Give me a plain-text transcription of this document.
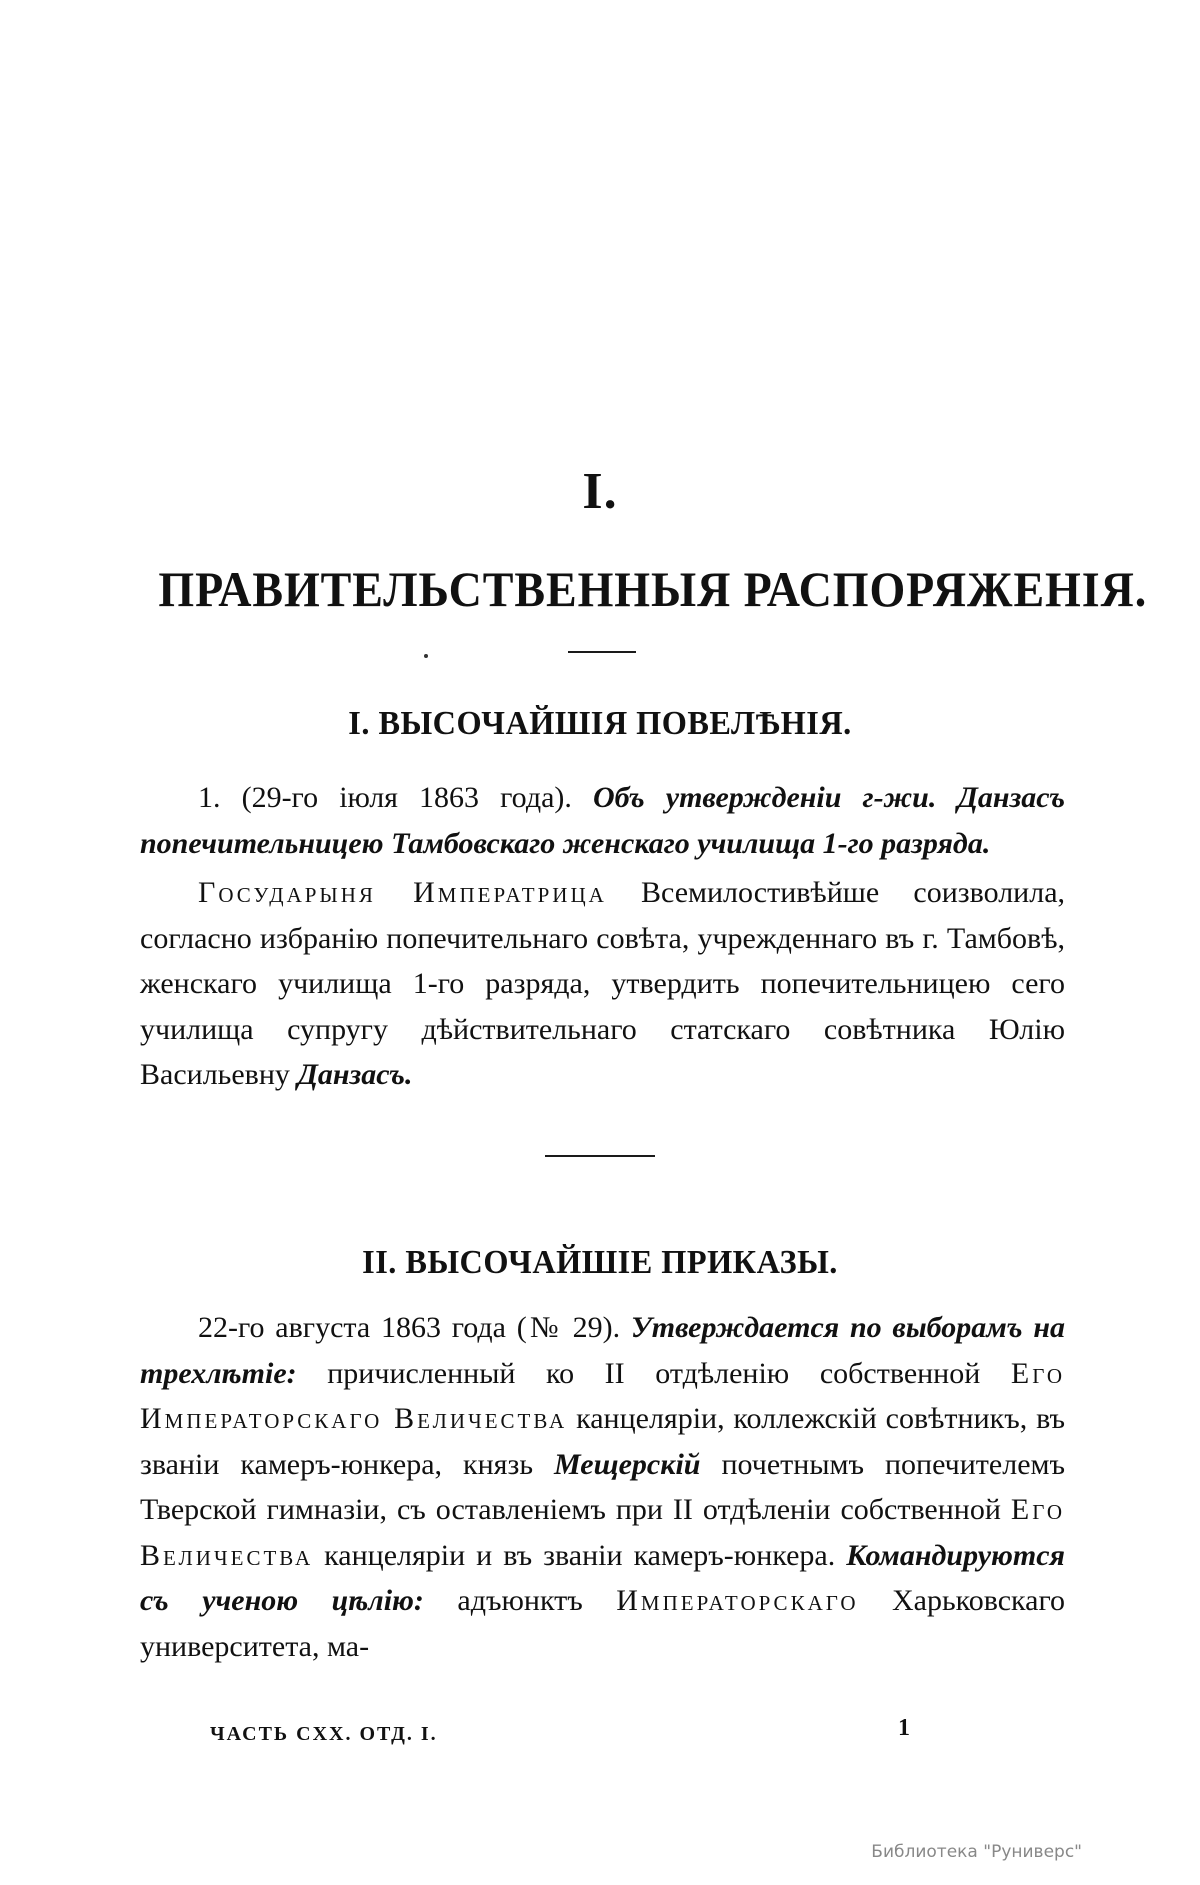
I.
ПРАВИТЕЛЬСТВЕННЫЯ РАСПОРЯЖЕНІЯ.
I. ВЫСОЧАЙШІЯ ПОВЕЛѢНІЯ.
1. (29-го іюля 1863 года). Объ утвержденіи г-жи. Данзасъ попечительницею Тамбовскаго женскаго училища 1-го разряда.
Государыня Императрица Всемилостивѣйше соизволила, согласно избранію попечительнаго совѣта, учрежденнаго въ г. Тамбовѣ, женскаго училища 1-го разряда, утвердить попечительницею сего училища супругу дѣйствительнаго статскаго совѣтника Юлію Васильевну Данзасъ.
II. ВЫСОЧАЙШІЕ ПРИКАЗЫ.
22-го августа 1863 года (№ 29). Утверждается по выборамъ на трехлѣтіе: причисленный ко II отдѣленію собственной Его Императорскаго Величества канцеляріи, коллежскій совѣтникъ, въ званіи камеръ-юнкера, князь Мещерскій почетнымъ попечителемъ Тверской гимназіи, съ оставленіемъ при II отдѣленіи собственной Его Величества канцеляріи и въ званіи камеръ-юнкера. Командируются съ ученою цѣлію: адъюнктъ Императорскаго Харьковскаго университета, ма-
ЧАСТЬ CXX. ОТД. I.	1
Библиотека "Руниверс"
